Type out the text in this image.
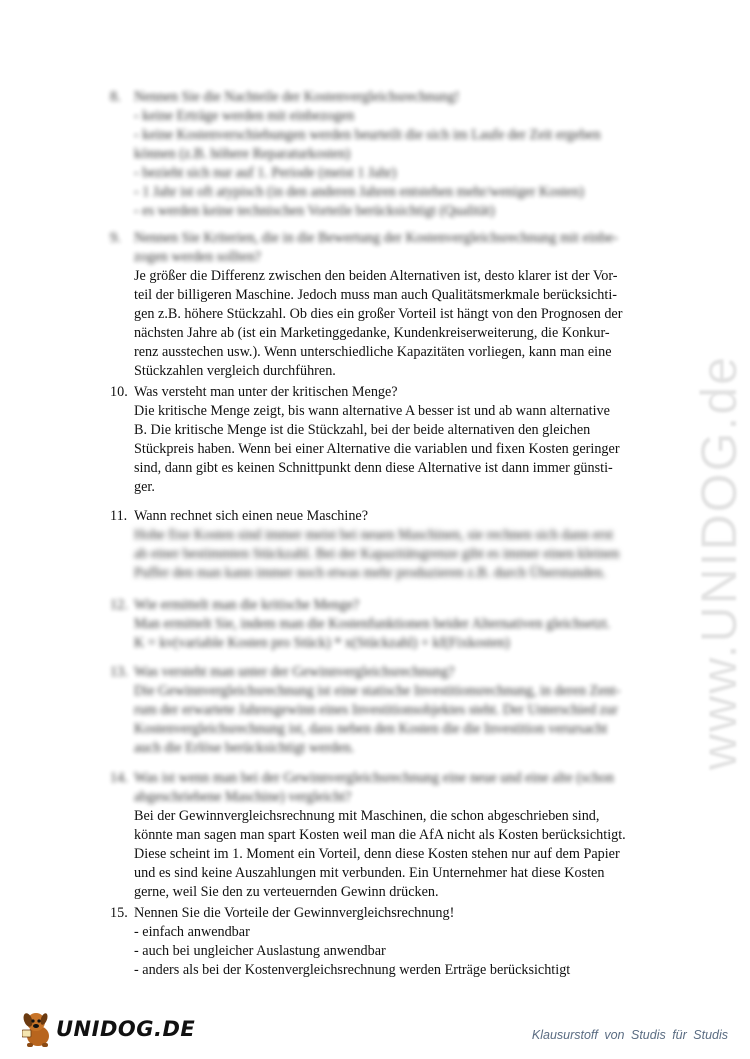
www.UNIDOG.de
8. Nennen Sie die Nachteile der Kostenvergleichsrechnung!
- keine Erträge werden mit einbezogen
- keine Kostenverschiebungen werden beurteilt die sich im Laufe der Zeit ergeben
können (z.B. höhere Reparaturkosten)
- bezieht sich nur auf 1. Periode (meist 1 Jahr)
- 1 Jahr ist oft atypisch (in den anderen Jahren entstehen mehr/weniger Kosten)
- es werden keine technischen Vorteile berücksichtigt (Qualität)
9. Nennen Sie Kriterien, die in die Bewertung der Kostenvergleichsrechnung mit einbe-
zogen werden sollten?
Je größer die Differenz zwischen den beiden Alternativen ist, desto klarer ist der Vor-
teil der billigeren Maschine. Jedoch muss man auch Qualitätsmerkmale berücksichti-
gen z.B. höhere Stückzahl. Ob dies ein großer Vorteil ist hängt von den Prognosen der
nächsten Jahre ab (ist ein Marketinggedanke, Kundenkreiserweiterung, die Konkur-
renz ausstechen usw.). Wenn unterschiedliche Kapazitäten vorliegen, kann man eine
Stückzahlen vergleich durchführen.
10. Was versteht man unter der kritischen Menge?
Die kritische Menge zeigt, bis wann alternative A besser ist und ab wann alternative
B. Die kritische Menge ist die Stückzahl, bei der beide alternativen den gleichen
Stückpreis haben. Wenn bei einer Alternative die variablen und fixen Kosten geringer
sind, dann gibt es keinen Schnittpunkt denn diese Alternative ist dann immer günsti-
ger.
11. Wann rechnet sich einen neue Maschine?
Hohe fixe Kosten sind immer meist bei neuen Maschinen, sie rechnen sich dann erst
ab einer bestimmten Stückzahl. Bei der Kapazitätsgrenze gibt es immer einen kleinen
Puffer den man kann immer noch etwas mehr produzieren z.B. durch Überstunden.
12. Wie ermittelt man die kritische Menge?
Man ermittelt Sie, indem man die Kostenfunktionen beider Alternativen gleichsetzt.
K = kv(variable Kosten pro Stück) * x(Stückzahl) + kf(Fixkosten)
13. Was versteht man unter der Gewinnvergleichsrechnung?
Die Gewinnvergleichsrechnung ist eine statische Investitionsrechnung, in deren Zent-
rum der erwartete Jahresgewinn eines Investitionsobjektes steht. Der Unterschied zur
Kostenvergleichsrechnung ist, dass neben den Kosten die die Investition verursacht
auch die Erlöse berücksichtigt werden.
14. Was ist wenn man bei der Gewinnvergleichsrechnung eine neue und eine alte (schon
abgeschriebene Maschine) vergleicht?
Bei der Gewinnvergleichsrechnung mit Maschinen, die schon abgeschrieben sind,
könnte man sagen man spart Kosten weil man die AfA nicht als Kosten berücksichtigt.
Diese scheint im 1. Moment ein Vorteil, denn diese Kosten stehen nur auf dem Papier
und es sind keine Auszahlungen mit verbunden. Ein Unternehmer hat diese Kosten
gerne, weil Sie den zu verteuernden Gewinn drücken.
15. Nennen Sie die Vorteile der Gewinnvergleichsrechnung!
- einfach anwendbar
- auch bei ungleicher Auslastung anwendbar
- anders als bei der Kostenvergleichsrechnung werden Erträge berücksichtigt
UNIDOG.DE	Klausurstoff von Studis für Studis
